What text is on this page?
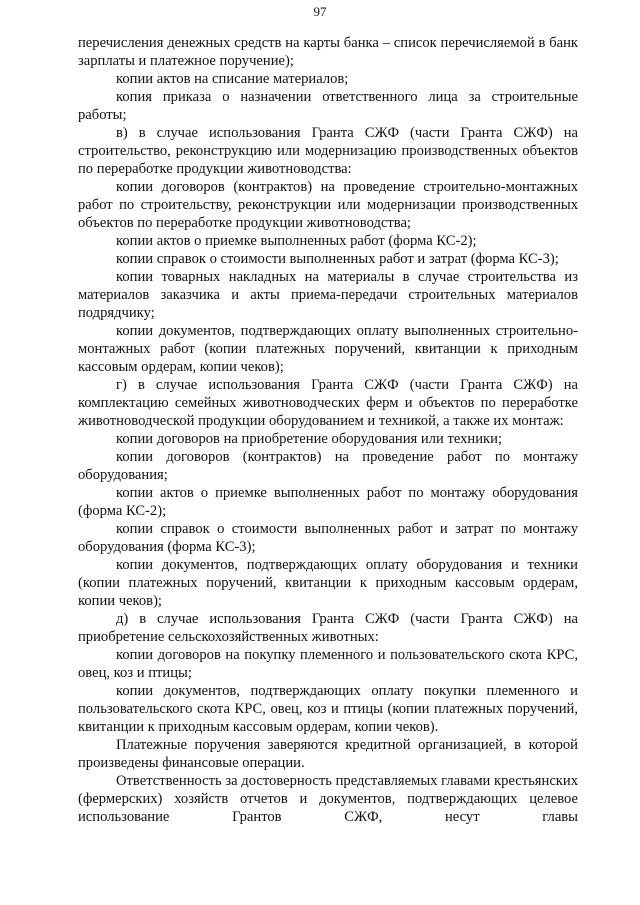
97

перечисления денежных средств на карты банка – список перечисляемой в банк зарплаты и платежное поручение);

копии актов на списание материалов;

копия приказа о назначении ответственного лица за строительные работы;

в) в случае использования Гранта СЖФ (части Гранта СЖФ) на строительство, реконструкцию или модернизацию производственных объектов по переработке продукции животноводства:

копии договоров (контрактов) на проведение строительно-монтажных работ по строительству, реконструкции или модернизации производственных объектов по переработке продукции животноводства;

копии актов о приемке выполненных работ (форма КС-2);

копии справок о стоимости выполненных работ и затрат (форма КС-3);

копии товарных накладных на материалы в случае строительства из материалов заказчика и акты приема-передачи строительных материалов подрядчику;

копии документов, подтверждающих оплату выполненных строительно-монтажных работ (копии платежных поручений, квитанции к приходным кассовым ордерам, копии чеков);

г) в случае использования Гранта СЖФ (части Гранта СЖФ) на комплектацию семейных животноводческих ферм и объектов по переработке животноводческой продукции оборудованием и техникой, а также их монтаж:

копии договоров на приобретение оборудования или техники;

копии договоров (контрактов) на проведение работ по монтажу оборудования;

копии актов о приемке выполненных работ по монтажу оборудования (форма КС-2);

копии справок о стоимости выполненных работ и затрат по монтажу оборудования (форма КС-3);

копии документов, подтверждающих оплату оборудования и техники (копии платежных поручений, квитанции к приходным кассовым ордерам, копии чеков);

д) в случае использования Гранта СЖФ (части Гранта СЖФ) на приобретение сельскохозяйственных животных:

копии договоров на покупку племенного и пользовательского скота КРС, овец, коз и птицы;

копии документов, подтверждающих оплату покупки племенного и пользовательского скота КРС, овец, коз и птицы (копии платежных поручений, квитанции к приходным кассовым ордерам, копии чеков).

Платежные поручения заверяются кредитной организацией, в которой произведены финансовые операции.

Ответственность за достоверность представляемых главами крестьянских (фермерских) хозяйств отчетов и документов, подтверждающих целевое использование Грантов СЖФ, несут главы
